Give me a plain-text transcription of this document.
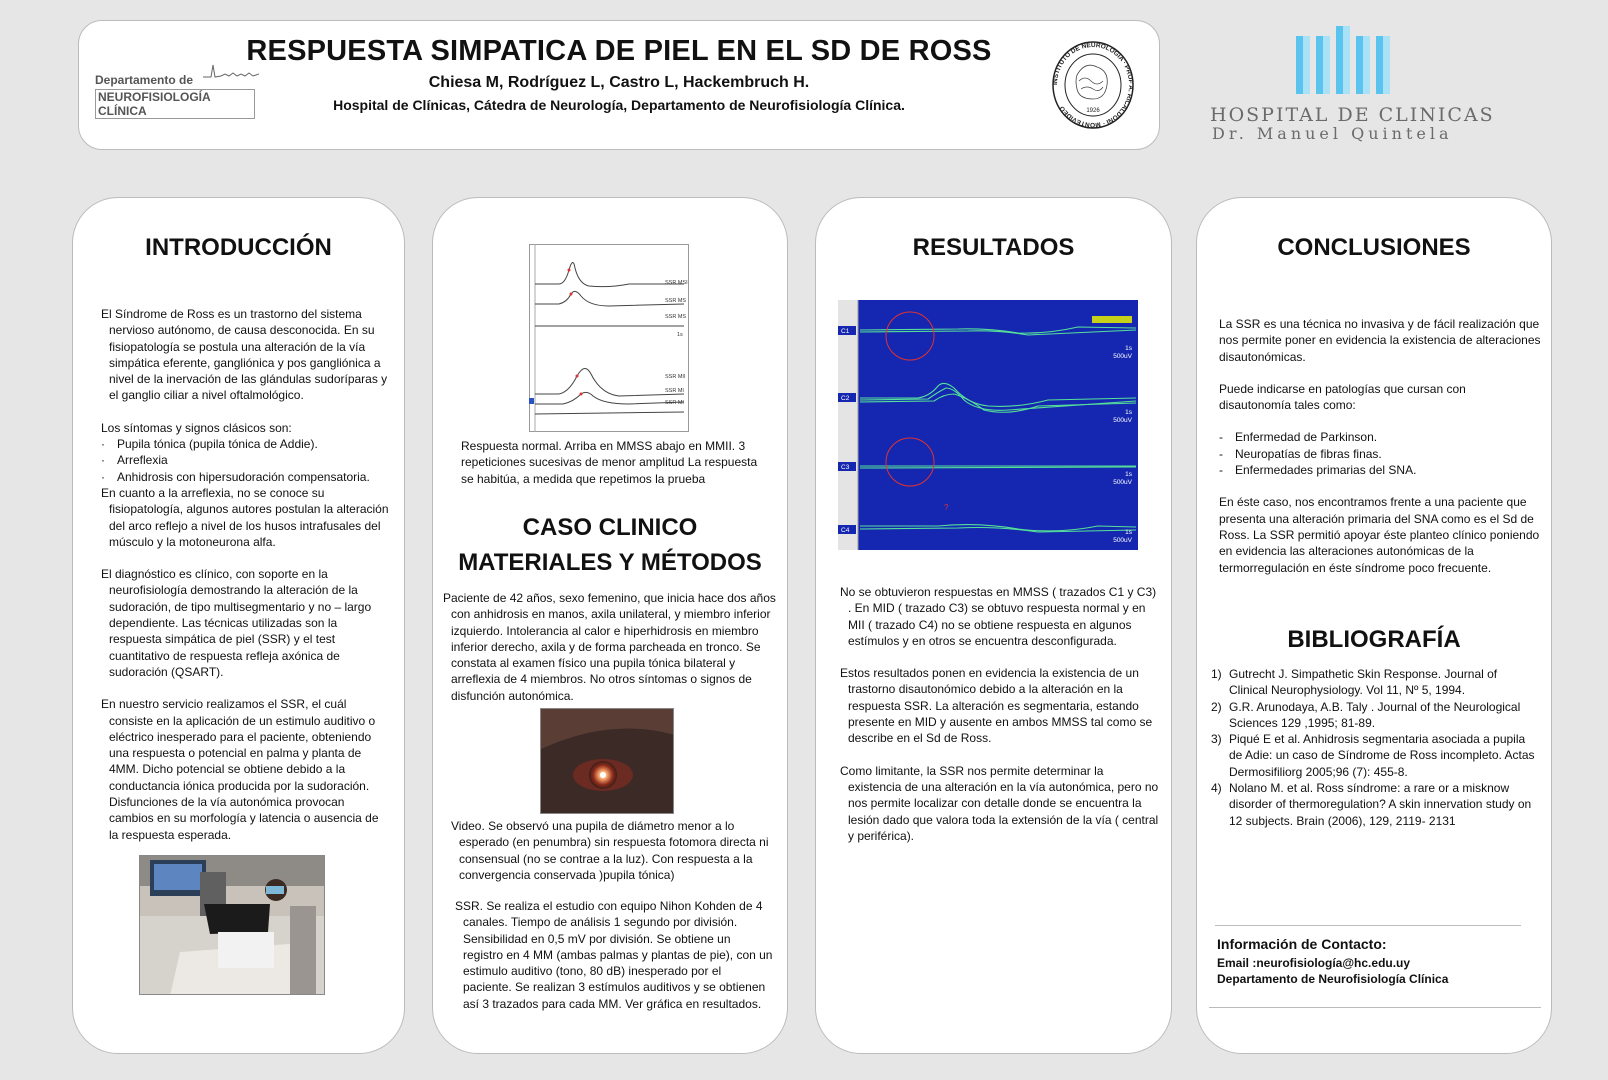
Departamento de
NEUROFISIOLOGÍA CLÍNICA
RESPUESTA SIMPATICA DE PIEL EN EL SD DE ROSS
Chiesa M, Rodríguez L, Castro L, Hackembruch H.
Hospital de Clínicas, Cátedra de Neurología, Departamento de Neurofisiología Clínica.
INSTITUTO DE NEUROLOGIA · PROF A. RICALDONI · MONTEVIDEO	1926	HOSPITAL DE CLINICAS
Dr. Manuel Quintela
INTRODUCCIÓN

El Síndrome de Ross es un trastorno del sistema nervioso autónomo, de causa desconocida. En su fisiopatología se postula una alteración de la vía simpática eferente, gangliónica y pos gangliónica a nivel de la inervación de las glándulas sudoríparas y el ganglio ciliar a nivel oftalmológico.

Los síntomas y signos clásicos son:
· Pupila tónica (pupila tónica de Addie).
· Arreflexia
· Anhidrosis con hipersudoración compensatoria.

En cuanto a la arreflexia, no se conoce su fisiopatología, algunos autores postulan la alteración del arco reflejo a nivel de los husos intrafusales del músculo y la motoneurona alfa.

El diagnóstico es clínico, con soporte en la neurofisiología demostrando la alteración de la sudoración, de tipo multisegmentario y no – largo dependiente. Las técnicas utilizadas son la respuesta simpática de piel (SSR) y el test cuantitativo de respuesta refleja axónica de sudoración (QSART).

En nuestro servicio realizamos el SSR, el cuál consiste en la aplicación de un estimulo auditivo o eléctrico inesperado para el paciente, obteniendo una respuesta o potencial en palma y planta de 4MM. Dicho potencial se obtiene debido a la conductancia iónica producida por la sudoración. Disfunciones de la vía autonómica provocan cambios en su morfología y latencia o ausencia de la respuesta esperada.

SSR MSI
SSR MS
SSR MS
1s
SSR MII
SSR MI
SSR MI
Respuesta normal. Arriba en MMSS abajo en MMII. 3 repeticiones sucesivas de menor amplitud La respuesta se habitúa, a medida que repetimos la prueba
CASO CLINICO
MATERIALES Y MÉTODOS

Paciente de 42 años, sexo femenino, que inicia hace dos años con anhidrosis en manos, axila unilateral, y miembro inferior izquierdo. Intolerancia al calor e hiperhidrosis en miembro inferior derecho, axila y de forma parcheada en tronco. Se constata al examen físico una pupila tónica bilateral y arreflexia de 4 miembros. No otros síntomas o signos de disfunción autonómica.

Video. Se observó una pupila de diámetro menor a lo esperado (en penumbra) sin respuesta fotomora directa ni consensual (no se contrae a la luz). Con respuesta a la convergencia conservada )pupila tónica)

SSR. Se realiza el estudio con equipo Nihon Kohden de 4 canales. Tiempo de análisis 1 segundo por división. Sensibilidad en 0,5 mV por división. Se obtiene un registro en 4 MM (ambas palmas y plantas de pie), con un estimulo auditivo (tono, 80 dB) inesperado por el paciente. Se realizan 3 estímulos auditivos y se obtienen así 3 trazados para cada MM. Ver gráfica en resultados.

RESULTADOS
C1
C2
C3
C4
?
1s
500uV
1s
500uV
1s
500uV
1s
500uV

No se obtuvieron respuestas en MMSS ( trazados C1 y C3) . En MID ( trazado C3) se obtuvo respuesta normal y en MII ( trazado C4) no se obtiene respuesta en algunos estímulos y en otros se encuentra desconfigurada.

Estos resultados ponen en evidencia la existencia de un trastorno disautonómico debido a la alteración en la respuesta SSR. La alteración es segmentaria, estando presente en MID y ausente en ambos MMSS tal como se describe en el Sd de Ross.

Como limitante, la SSR nos permite determinar la existencia de una alteración en la vía autonómica, pero no nos permite localizar con detalle donde se encuentra la lesión dado que valora toda la extensión de la vía ( central y periférica).

CONCLUSIONES

La SSR es una técnica no invasiva y de fácil realización que nos permite poner en evidencia la existencia de alteraciones disautonómicas.

Puede indicarse en patologías que cursan con disautonomía tales como:

- Enfermedad de Parkinson.
- Neuropatías de fibras finas.
- Enfermedades primarias del SNA.

En éste caso, nos encontramos frente a una paciente que presenta una alteración primaria del SNA como es el Sd de Ross. La SSR permitió apoyar éste planteo clínico poniendo en evidencia las alteraciones autonómicas de la termorregulación en éste síndrome poco frecuente.

BIBLIOGRAFÍA
1) Gutrecht J. Simpathetic Skin Response. Journal of Clinical Neurophysiology. Vol 11, Nº 5, 1994.
2) G.R. Arunodaya, A.B. Taly . Journal of the Neurological Sciences 129 ,1995; 81-89.
3) Piqué E et al. Anhidrosis segmentaria asociada a pupila de Adie: un caso de Síndrome de Ross incompleto. Actas Dermosifiliorg 2005;96 (7): 455-8.
4) Nolano M. et al. Ross síndrome: a rare or a misknow disorder of thermoregulation? A skin innervation study on 12 subjects. Brain (2006), 129, 2119- 2131
Información de Contacto:
Email :neurofisiología@hc.edu.uy
Departamento de Neurofisiología Clínica
